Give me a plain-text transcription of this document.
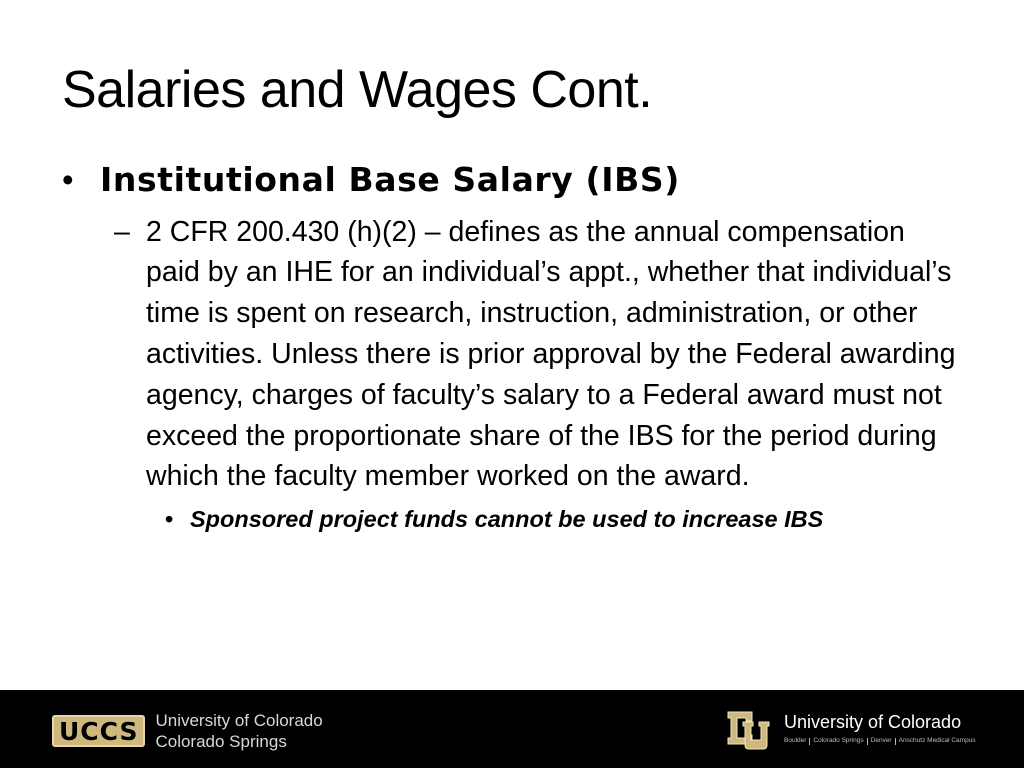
Salaries and Wages Cont.
• Institutional Base Salary (IBS)
– 2 CFR 200.430 (h)(2) – defines as the annual compensation paid by an IHE for an individual’s appt., whether that individual’s time is spent on research, instruction, administration, or other activities. Unless there is prior approval by the Federal awarding agency, charges of faculty’s salary to a Federal award must not exceed the proportionate share of the IBS for the period during which the faculty member worked on the award.
• Sponsored project funds cannot be used to increase IBS
UCCS	University of Colorado
Colorado Springs
University of Colorado
Boulder Colorado Springs Denver Anschutz Medical Campus
